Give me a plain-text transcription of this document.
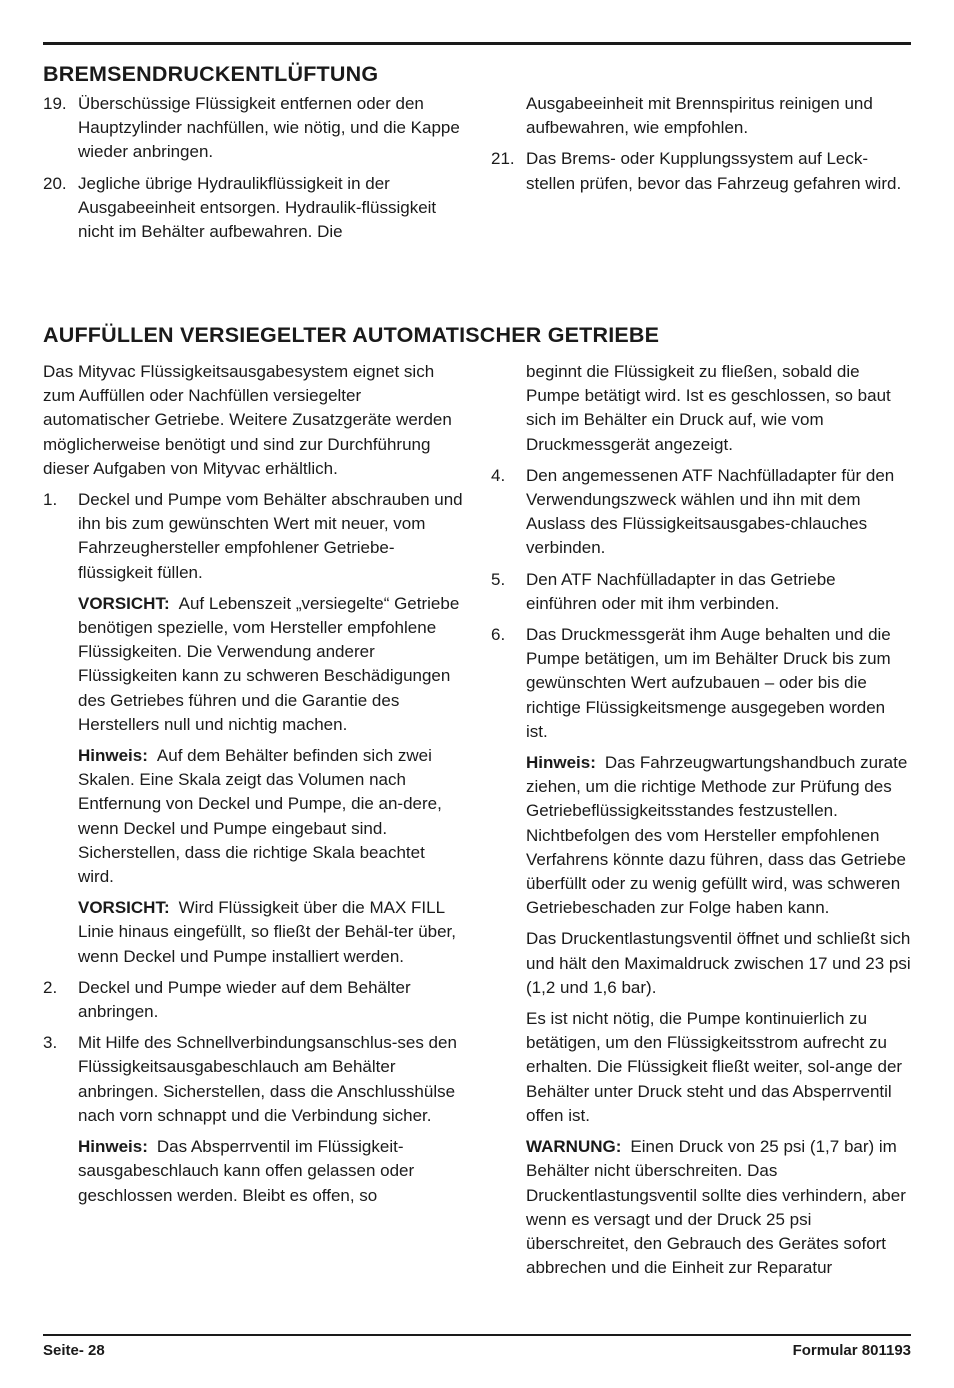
BREMSENDRUCKENTLÜFTUNG
19. Überschüssige Flüssigkeit entfernen oder den Hauptzylinder nachfüllen, wie nötig, und die Kappe wieder anbringen.
20. Jegliche übrige Hydraulikflüssigkeit in der Ausgabeeinheit entsorgen. Hydraulik-flüssigkeit nicht im Behälter aufbewahren. Die

Ausgabeeinheit mit Brennspiritus reinigen und aufbewahren, wie empfohlen.

21. Das Brems- oder Kupplungssystem auf Leck-stellen prüfen, bevor das Fahrzeug gefahren wird.
AUFFÜLLEN VERSIEGELTER AUTOMATISCHER GETRIEBE

Das Mityvac Flüssigkeitsausgabesystem eignet sich zum Auffüllen oder Nachfüllen versiegelter automatischer Getriebe. Weitere Zusatzgeräte werden möglicherweise benötigt und sind zur Durchführung dieser Aufgaben von Mityvac erhältlich.

1. Deckel und Pumpe vom Behälter abschrauben und ihn bis zum gewünschten Wert mit neuer, vom Fahrzeughersteller empfohlener Getriebe-flüssigkeit füllen.

VORSICHT: Auf Lebenszeit „versiegelte“ Getriebe benötigen spezielle, vom Hersteller empfohlene Flüssigkeiten. Die Verwendung anderer Flüssigkeiten kann zu schweren Beschädigungen des Getriebes führen und die Garantie des Herstellers null und nichtig machen.

Hinweis: Auf dem Behälter befinden sich zwei Skalen. Eine Skala zeigt das Volumen nach Entfernung von Deckel und Pumpe, die an-dere, wenn Deckel und Pumpe eingebaut sind. Sicherstellen, dass die richtige Skala beachtet wird.

VORSICHT: Wird Flüssigkeit über die MAX FILL Linie hinaus eingefüllt, so fließt der Behäl-ter über, wenn Deckel und Pumpe installiert werden.

2. Deckel und Pumpe wieder auf dem Behälter anbringen.
3. Mit Hilfe des Schnellverbindungsanschlus-ses den Flüssigkeitsausgabeschlauch am Behälter anbringen. Sicherstellen, dass die Anschlusshülse nach vorn schnappt und die Verbindung sicher.

Hinweis: Das Absperrventil im Flüssigkeit-sausgabeschlauch kann offen gelassen oder geschlossen werden. Bleibt es offen, so

beginnt die Flüssigkeit zu fließen, sobald die Pumpe betätigt wird. Ist es geschlossen, so baut sich im Behälter ein Druck auf, wie vom Druckmessgerät angezeigt.

4. Den angemessenen ATF Nachfülladapter für den Verwendungszweck wählen und ihn mit dem Auslass des Flüssigkeitsausgabes-chlauches verbinden.
5. Den ATF Nachfülladapter in das Getriebe einführen oder mit ihm verbinden.
6. Das Druckmessgerät ihm Auge behalten und die Pumpe betätigen, um im Behälter Druck bis zum gewünschten Wert aufzubauen – oder bis die richtige Flüssigkeitsmenge ausgegeben worden ist.

Hinweis: Das Fahrzeugwartungshandbuch zurate ziehen, um die richtige Methode zur Prüfung des Getriebeflüssigkeitsstandes festzustellen. Nichtbefolgen des vom Hersteller empfohlenen Verfahrens könnte dazu führen, dass das Getriebe überfüllt oder zu wenig gefüllt wird, was schweren Getriebeschaden zur Folge haben kann.

Das Druckentlastungsventil öffnet und schließt sich und hält den Maximaldruck zwischen 17 und 23 psi (1,2 und 1,6 bar).

Es ist nicht nötig, die Pumpe kontinuierlich zu betätigen, um den Flüssigkeitsstrom aufrecht zu erhalten. Die Flüssigkeit fließt weiter, sol-ange der Behälter unter Druck steht und das Absperrventil offen ist.

WARNUNG: Einen Druck von 25 psi (1,7 bar) im Behälter nicht überschreiten. Das Druckentlastungsventil sollte dies verhindern, aber wenn es versagt und der Druck 25 psi überschreitet, den Gebrauch des Gerätes sofort abbrechen und die Einheit zur Reparatur

Seite- 28	Formular 801193
